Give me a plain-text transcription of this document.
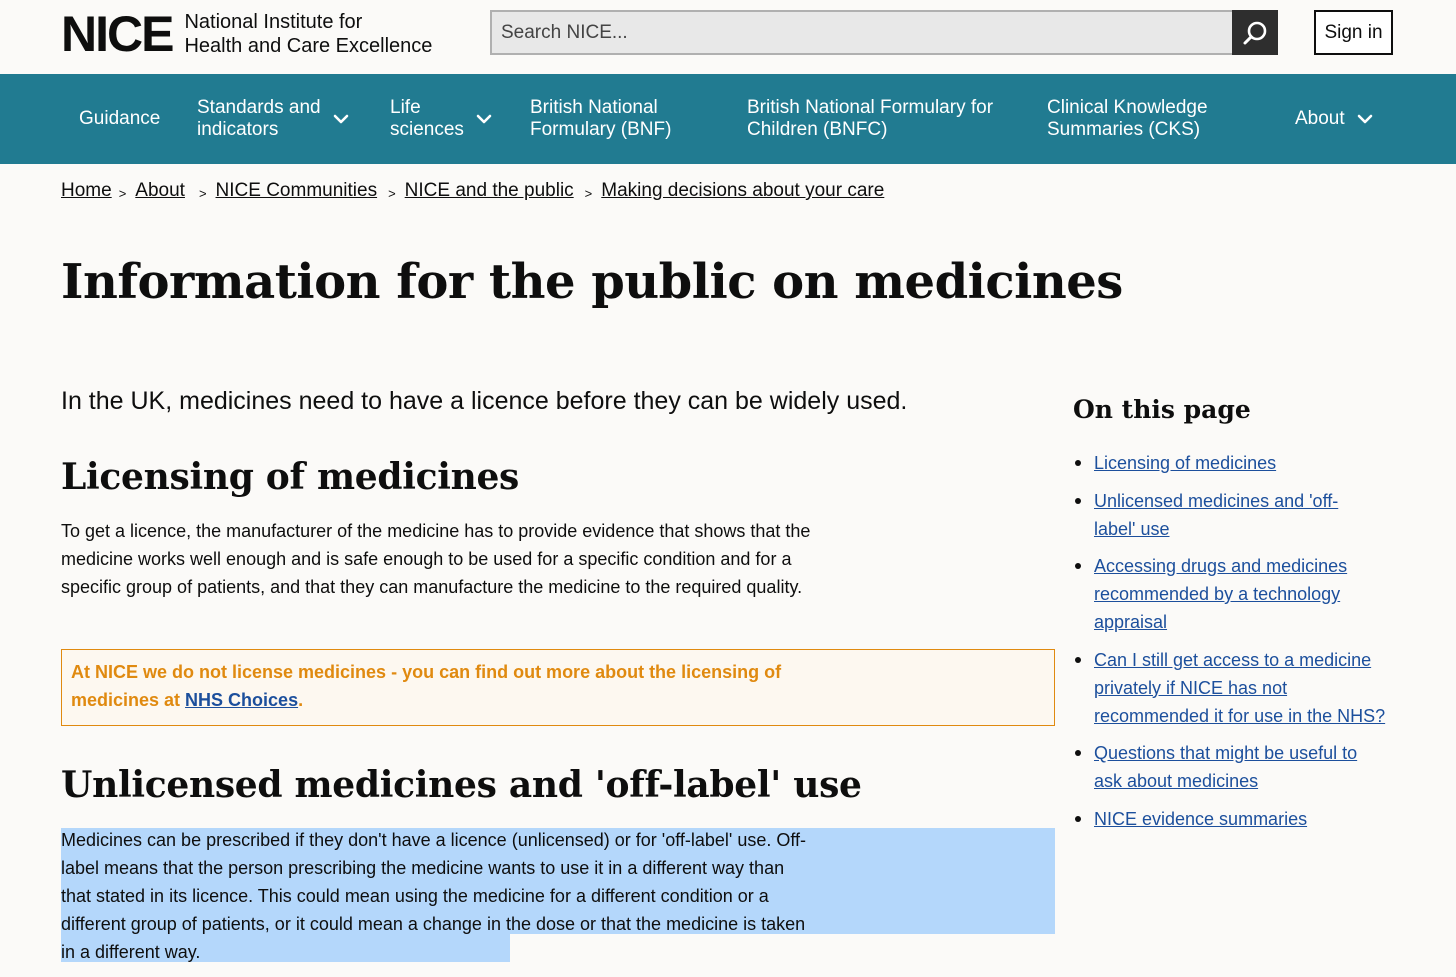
NICE National Institute for
Health and Care Excellence
Search NICE...
Sign in
Guidance
Standards and
indicators
Life
sciences
British National
Formulary (BNF)
British National Formulary for
Children (BNFC)
Clinical Knowledge
Summaries (CKS)
About
Home > About > NICE Communities > NICE and the public > Making decisions about your care
Information for the public on medicines

In the UK, medicines need to have a licence before they can be widely used.

Licensing of medicines

To get a licence, the manufacturer of the medicine has to provide evidence that shows that the medicine works well enough and is safe enough to be used for a specific condition and for a specific group of patients, and that they can manufacture the medicine to the required quality.

At NICE we do not license medicines - you can find out more about the licensing of medicines at NHS Choices.
Unlicensed medicines and 'off-label' use

Medicines can be prescribed if they don't have a licence (unlicensed) or for 'off-label' use. Off-label means that the person prescribing the medicine wants to use it in a different way than that stated in its licence. This could mean using the medicine for a different condition or a different group of patients, or it could mean a change in the dose or that the medicine is taken in a different way.

On this page
Licensing of medicines
Unlicensed medicines and 'off-label' use
Accessing drugs and medicines recommended by a technology appraisal
Can I still get access to a medicine privately if NICE has not recommended it for use in the NHS?
Questions that might be useful to ask about medicines
NICE evidence summaries
